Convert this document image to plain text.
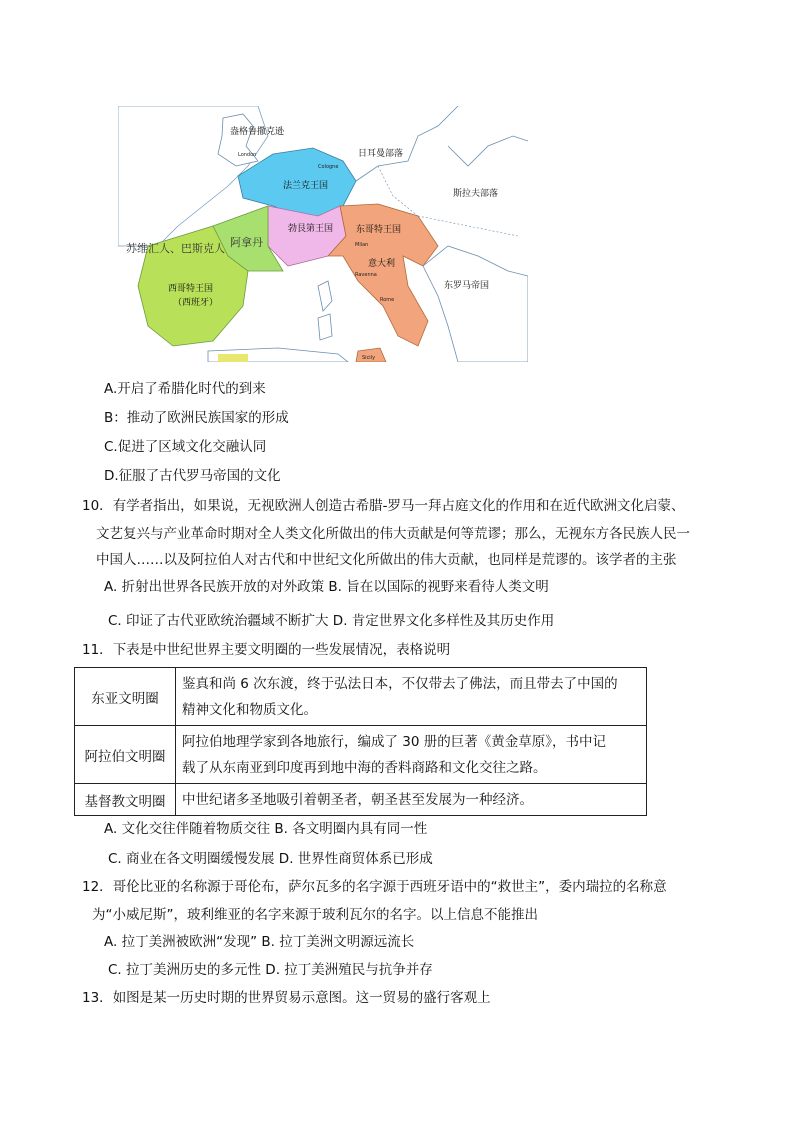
盎格鲁撒克逊
London	日耳曼部落
法兰克王国
Cologne
斯拉夫部落
勃艮第王国
阿拿丹
苏维汇人、巴斯克人
东哥特王国
Milan
Ravenna
Rome
意大利
西哥特王国
（西班牙）
东罗马帝国
Sicily
A.开启了希腊化时代的到来
B：推动了欧洲民族国家的形成
C.促进了区域文化交融认同
D.征服了古代罗马帝国的文化
10．有学者指出，如果说，无视欧洲人创造古希腊-罗马一拜占庭文化的作用和在近代欧洲文化启蒙、
文艺复兴与产业革命时期对全人类文化所做出的伟大贡献是何等荒谬；那么，无视东方各民族人民一
中国人……以及阿拉伯人对古代和中世纪文化所做出的伟大贡献，也同样是荒谬的。该学者的主张
A. 折射出世界各民族开放的对外政策 B. 旨在以国际的视野来看待人类文明
C. 印证了古代亚欧统治疆域不断扩大 D. 肯定世界文化多样性及其历史作用
11．下表是中世纪世界主要文明圈的一些发展情况，表格说明
东亚文明圈	鉴真和尚 6 次东渡，终于弘法日本，不仅带去了佛法，而且带去了中国的
精神文化和物质文化。

阿拉伯文明圈	阿拉伯地理学家到各地旅行，编成了 30 册的巨著《黄金草原》，书中记
载了从东南亚到印度再到地中海的香料商路和文化交往之路。

基督教文明圈	中世纪诸多圣地吸引着朝圣者，朝圣甚至发展为一种经济。
A. 文化交往伴随着物质交往 B. 各文明圈内具有同一性
C. 商业在各文明圈缓慢发展 D. 世界性商贸体系已形成
12．哥伦比亚的名称源于哥伦布，萨尔瓦多的名字源于西班牙语中的“救世主”，委内瑞拉的名称意
为“小威尼斯”，玻利维亚的名字来源于玻利瓦尔的名字。以上信息不能推出
A. 拉丁美洲被欧洲“发现” B. 拉丁美洲文明源远流长
C. 拉丁美洲历史的多元性 D. 拉丁美洲殖民与抗争并存
13．如图是某一历史时期的世界贸易示意图。这一贸易的盛行客观上
